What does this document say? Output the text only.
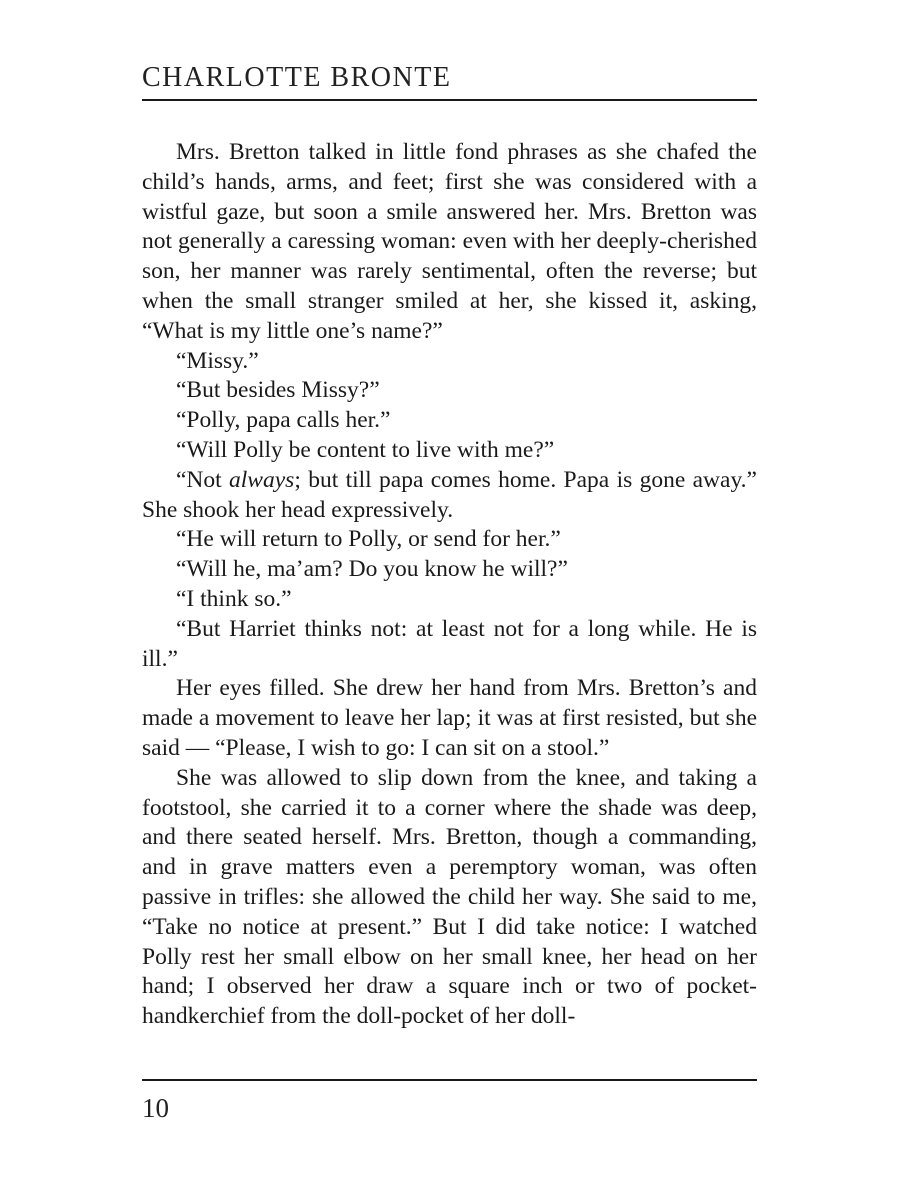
CHARLOTTE BRONTE

Mrs. Bretton talked in little fond phrases as she chafed the child’s hands, arms, and feet; first she was considered with a wistful gaze, but soon a smile answered her. Mrs. Bretton was not generally a caressing woman: even with her deeply-cherished son, her manner was rarely sentimental, often the reverse; but when the small stranger smiled at her, she kissed it, asking, “What is my little one’s name?”

“Missy.”

“But besides Missy?”

“Polly, papa calls her.”

“Will Polly be content to live with me?”

“Not always; but till papa comes home. Papa is gone away.” She shook her head expressively.

“He will return to Polly, or send for her.”

“Will he, ma’am? Do you know he will?”

“I think so.”

“But Harriet thinks not: at least not for a long while. He is ill.”

Her eyes filled. She drew her hand from Mrs. Bretton’s and made a movement to leave her lap; it was at first resisted, but she said — “Please, I wish to go: I can sit on a stool.”

She was allowed to slip down from the knee, and taking a footstool, she carried it to a corner where the shade was deep, and there seated herself. Mrs. Bretton, though a commanding, and in grave matters even a peremptory woman, was often passive in trifles: she allowed the child her way. She said to me, “Take no notice at present.” But I did take notice: I watched Polly rest her small elbow on her small knee, her head on her hand; I observed her draw a square inch or two of pocket-handkerchief from the doll-pocket of her doll-

10
